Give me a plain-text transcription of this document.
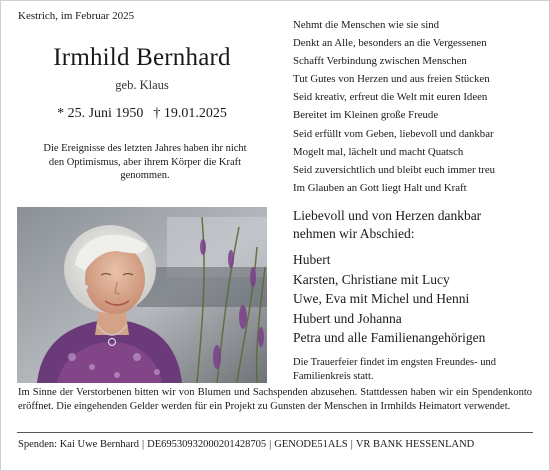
Kestrich, im Februar 2025
Irmhild Bernhard
geb. Klaus
* 25. Juni 1950 † 19.01.2025
Die Ereignisse des letzten Jahres haben ihr nicht den Optimismus, aber ihrem Körper die Kraft genommen.
Nehmt die Menschen wie sie sind
Denkt an Alle, besonders an die Vergessenen
Schafft Verbindung zwischen Menschen
Tut Gutes von Herzen und aus freien Stücken
Seid kreativ, erfreut die Welt mit euren Ideen
Bereitet im Kleinen große Freude
Seid erfüllt vom Geben, liebevoll und dankbar
Mogelt mal, lächelt und macht Quatsch
Seid zuversichtlich und bleibt euch immer treu
Im Glauben an Gott liegt Halt und Kraft
Liebevoll und von Herzen dankbar
nehmen wir Abschied:
Hubert
Karsten, Christiane mit Lucy
Uwe, Eva mit Michel und Henni
Hubert und Johanna
Petra und alle Familienangehörigen
Die Trauerfeier findet im engsten Freundes- und Familienkreis statt.
Im Sinne der Verstorbenen bitten wir von Blumen und Sachspenden abzusehen. Stattdessen haben wir ein Spendenkonto eröffnet. Die eingehenden Gelder werden für ein Projekt zu Gunsten der Menschen in Irmhilds Heimatort verwendet.
Spenden: Kai Uwe Bernhard | DE69530932000201428705 | GENODE51ALS | VR BANK HESSENLAND
